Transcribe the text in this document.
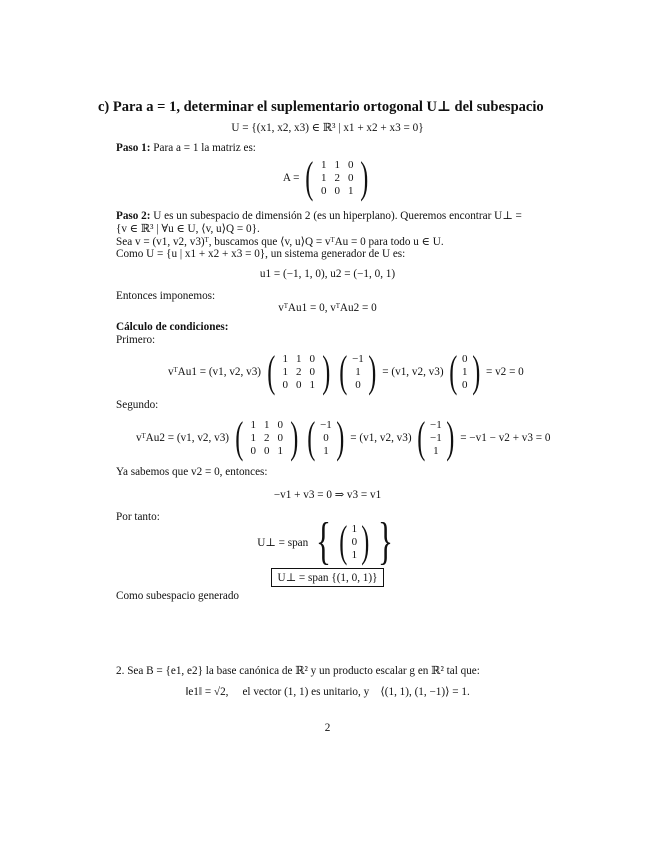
c) Para a = 1, determinar el suplementario ortogonal U⊥ del subespacio
U = {(x1, x2, x3) ∈ ℝ³ | x1 + x2 + x3 = 0}
Paso 1: Para a = 1 la matriz es:
A = ( 1	1	0
1	2	0
0	0	1 )
Paso 2: U es un subespacio de dimensión 2 (es un hiperplano). Queremos encontrar U⊥ =
{v ∈ ℝ³ | ∀u ∈ U, ⟨v, u⟩Q = 0}.
Sea v = (v1, v2, v3)ᵀ, buscamos que ⟨v, u⟩Q = vᵀAu = 0 para todo u ∈ U.
Como U = {u | x1 + x2 + x3 = 0}, un sistema generador de U es:
u1 = (−1, 1, 0), u2 = (−1, 0, 1)
Entonces imponemos:
vᵀAu1 = 0, vᵀAu2 = 0
Cálculo de condiciones:
Primero:
vᵀAu1 = (v1, v2, v3) ( 1	1	0
1	2	0
0	0	1 ) ( −1
1
0 ) = (v1, v2, v3) ( 0
1
0 ) = v2 = 0
Segundo:
vᵀAu2 = (v1, v2, v3) ( 1	1	0
1	2	0
0	0	1 ) ( −1
0
1 ) = (v1, v2, v3) ( −1
−1
1 ) = −v1 − v2 + v3 = 0
Ya sabemos que v2 = 0, entonces:
−v1 + v3 = 0 ⇒ v3 = v1
Por tanto:
U⊥ = span { ( 1
0
1 ) }
U⊥ = span {(1, 0, 1)}
Como subespacio generado
2. Sea B = {e1, e2} la base canónica de ℝ² y un producto escalar g en ℝ² tal que:
‖e1‖ = √2, el vector (1, 1) es unitario, y ⟨(1, 1), (1, −1)⟩ = 1.
2
